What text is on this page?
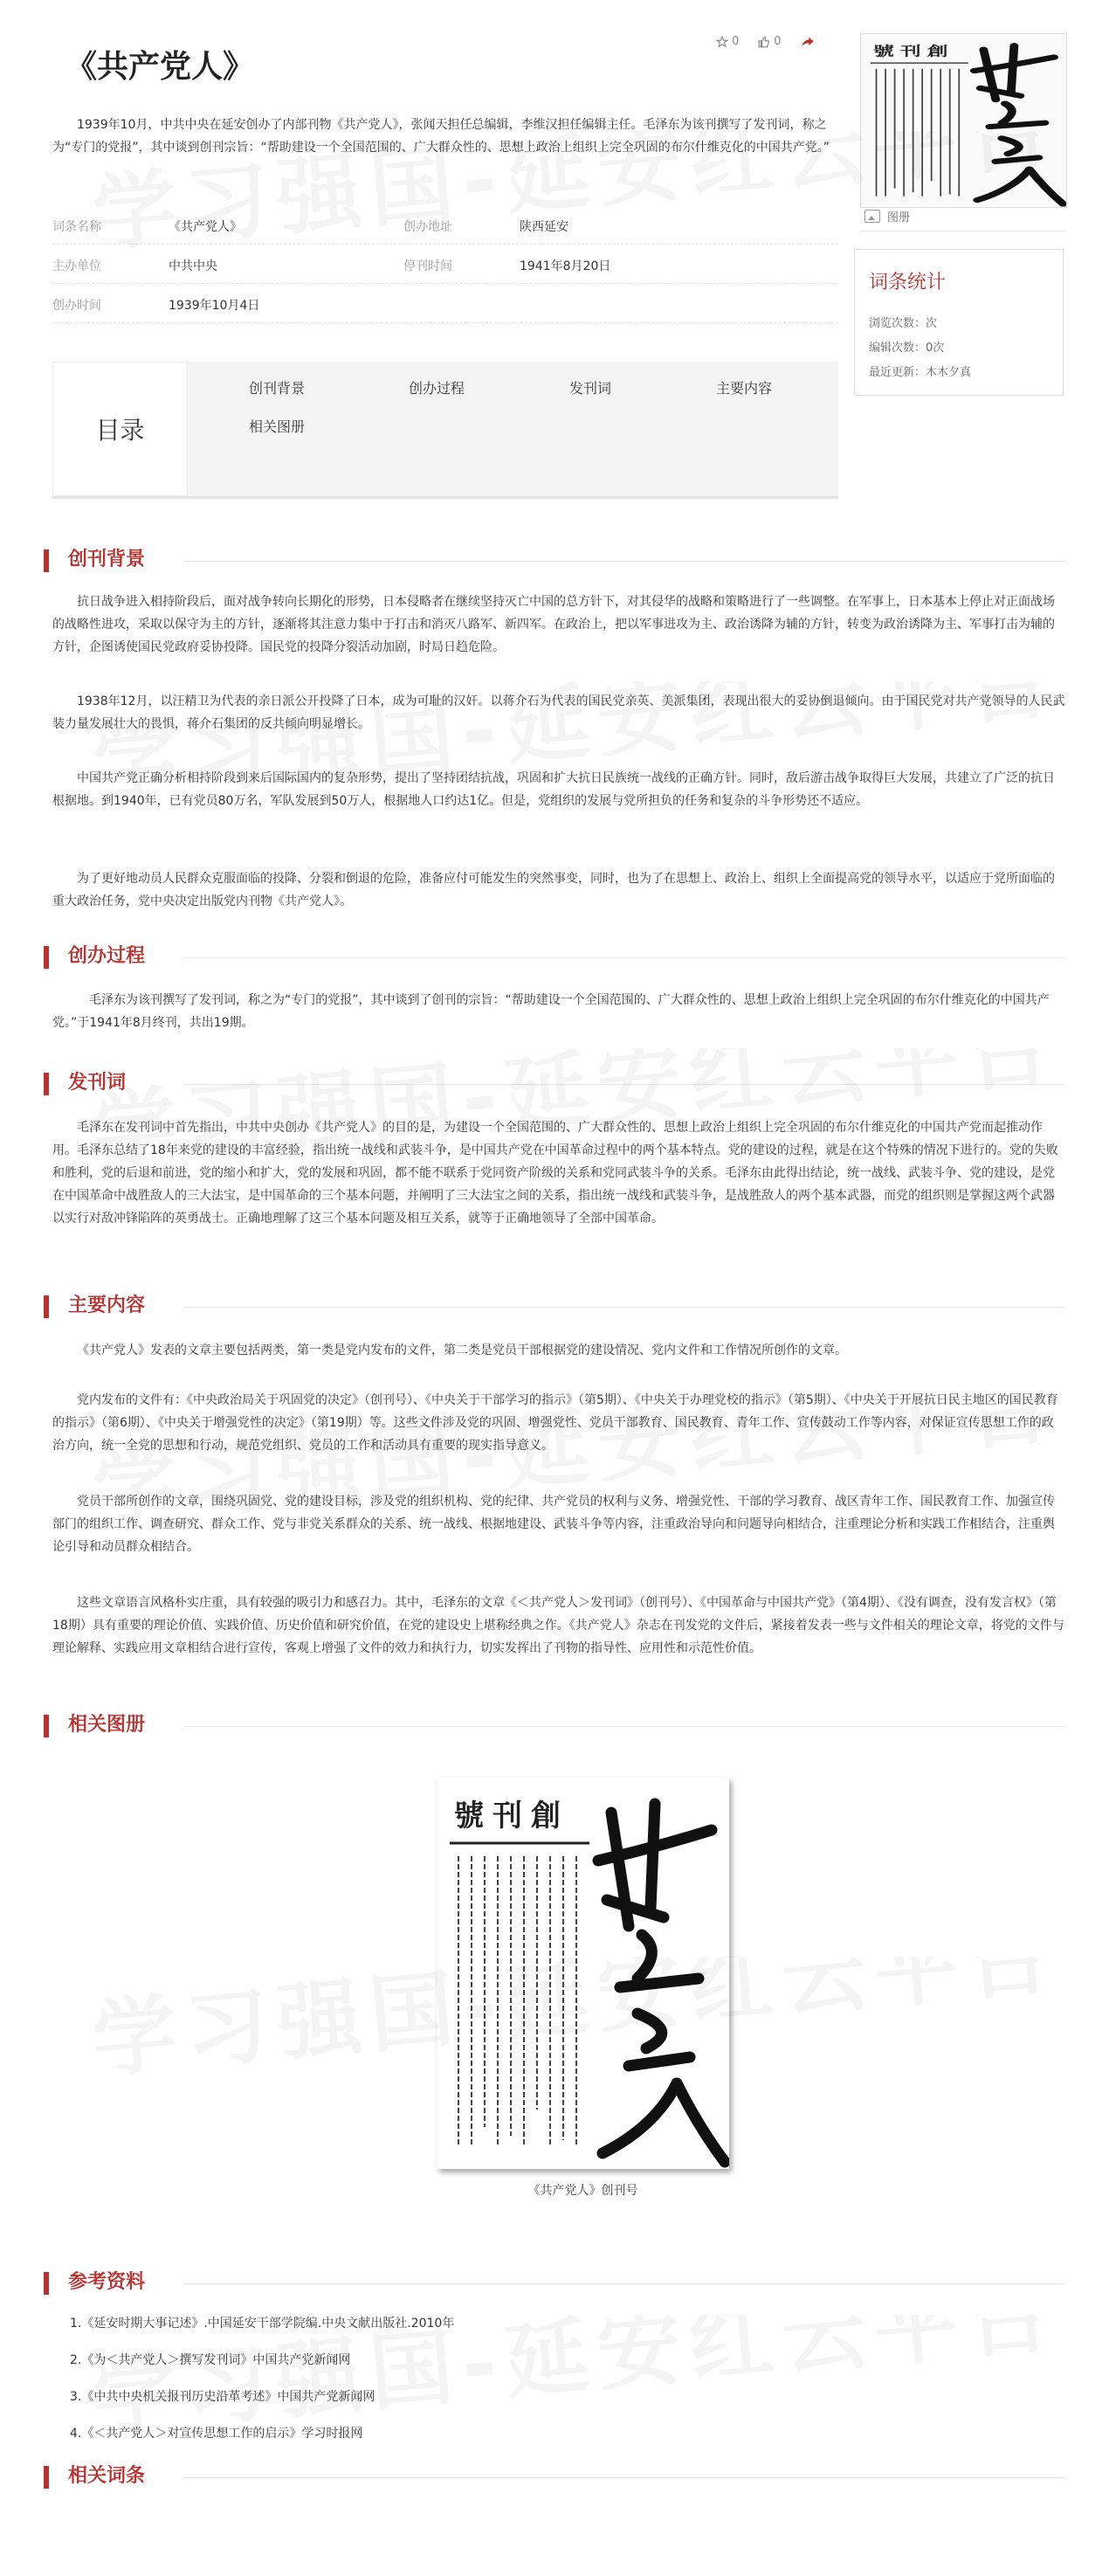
《共产党人》
0	0

1939年10月，中共中央在延安创办了内部刊物《共产党人》，张闻天担任总编辑，李维汉担任编辑主任。毛泽东为该刊撰写了发刊词，称之为“专门的党报”，其中谈到创刊宗旨：“帮助建设一个全国范围的、广大群众性的、思想上政治上组织上完全巩固的布尔什维克化的中国共产党。”

號刊創
图册
词条名称	《共产党人》	创办地址	陕西延安
主办单位	中共中央	停刊时间	1941年8月20日
创办时间	1939年10月4日
词条统计
浏览次数：次
编辑次数：0次
最近更新：木木夕真
目录
创刊背景	创办过程	发刊词	主要内容
相关图册
创刊背景

抗日战争进入相持阶段后，面对战争转向长期化的形势，日本侵略者在继续坚持灭亡中国的总方针下，对其侵华的战略和策略进行了一些调整。在军事上，日本基本上停止对正面战场的战略性进攻，采取以保守为主的方针，逐渐将其注意力集中于打击和消灭八路军、新四军。在政治上，把以军事进攻为主、政治诱降为辅的方针，转变为政治诱降为主、军事打击为辅的方针，企图诱使国民党政府妥协投降。国民党的投降分裂活动加剧，时局日趋危险。

1938年12月，以汪精卫为代表的亲日派公开投降了日本，成为可耻的汉奸。以蒋介石为代表的国民党亲英、美派集团，表现出很大的妥协倒退倾向。由于国民党对共产党领导的人民武装力量发展壮大的畏惧，蒋介石集团的反共倾向明显增长。

中国共产党正确分析相持阶段到来后国际国内的复杂形势，提出了坚持团结抗战，巩固和扩大抗日民族统一战线的正确方针。同时，敌后游击战争取得巨大发展，共建立了广泛的抗日根据地。到1940年，已有党员80万名，军队发展到50万人，根据地人口约达1亿。但是，党组织的发展与党所担负的任务和复杂的斗争形势还不适应。

为了更好地动员人民群众克服面临的投降、分裂和倒退的危险，准备应付可能发生的突然事变，同时，也为了在思想上、政治上、组织上全面提高党的领导水平，以适应于党所面临的重大政治任务，党中央决定出版党内刊物《共产党人》。

创办过程

毛泽东为该刊撰写了发刊词，称之为“专门的党报”，其中谈到了创刊的宗旨：“帮助建设一个全国范围的、广大群众性的、思想上政治上组织上完全巩固的布尔什维克化的中国共产党。”于1941年8月终刊，共出19期。

发刊词

毛泽东在发刊词中首先指出，中共中央创办《共产党人》的目的是，为建设一个全国范围的、广大群众性的、思想上政治上组织上完全巩固的布尔什维克化的中国共产党而起推动作用。毛泽东总结了18年来党的建设的丰富经验，指出统一战线和武装斗争，是中国共产党在中国革命过程中的两个基本特点。党的建设的过程，就是在这个特殊的情况下进行的。党的失败和胜利，党的后退和前进，党的缩小和扩大，党的发展和巩固，都不能不联系于党同资产阶级的关系和党同武装斗争的关系。毛泽东由此得出结论，统一战线、武装斗争、党的建设，是党在中国革命中战胜敌人的三大法宝，是中国革命的三个基本问题，并阐明了三大法宝之间的关系，指出统一战线和武装斗争，是战胜敌人的两个基本武器，而党的组织则是掌握这两个武器以实行对敌冲锋陷阵的英勇战士。正确地理解了这三个基本问题及相互关系，就等于正确地领导了全部中国革命。

主要内容

《共产党人》发表的文章主要包括两类，第一类是党内发布的文件，第二类是党员干部根据党的建设情况、党内文件和工作情况所创作的文章。

党内发布的文件有：《中央政治局关于巩固党的决定》（创刊号）、《中央关于干部学习的指示》（第5期）、《中央关于办理党校的指示》（第5期）、《中央关于开展抗日民主地区的国民教育的指示》（第6期）、《中央关于增强党性的决定》（第19期）等。这些文件涉及党的巩固、增强党性、党员干部教育、国民教育、青年工作、宣传鼓动工作等内容，对保证宣传思想工作的政治方向，统一全党的思想和行动，规范党组织、党员的工作和活动具有重要的现实指导意义。

党员干部所创作的文章，围绕巩固党、党的建设目标，涉及党的组织机构、党的纪律、共产党员的权利与义务、增强党性、干部的学习教育、战区青年工作、国民教育工作、加强宣传部门的组织工作、调查研究、群众工作、党与非党关系群众的关系、统一战线、根据地建设、武装斗争等内容，注重政治导向和问题导向相结合，注重理论分析和实践工作相结合，注重舆论引导和动员群众相结合。

这些文章语言风格朴实庄重，具有较强的吸引力和感召力。其中，毛泽东的文章《＜共产党人＞发刊词》（创刊号）、《中国革命与中国共产党》（第4期）、《没有调查，没有发言权》（第18期）具有重要的理论价值、实践价值、历史价值和研究价值，在党的建设史上堪称经典之作。《共产党人》杂志在刊发党的文件后，紧接着发表一些与文件相关的理论文章，将党的文件与理论解释、实践应用文章相结合进行宣传，客观上增强了文件的效力和执行力，切实发挥出了刊物的指导性、应用性和示范性价值。

相关图册
號刊創
《共产党人》创刊号
参考资料
1.《延安时期大事记述》.中国延安干部学院编.中央文献出版社.2010年
2.《为＜共产党人＞撰写发刊词》中国共产党新闻网
3.《中共中央机关报刊历史沿革考述》中国共产党新闻网
4.《＜共产党人＞对宣传思想工作的启示》学习时报网
相关词条
